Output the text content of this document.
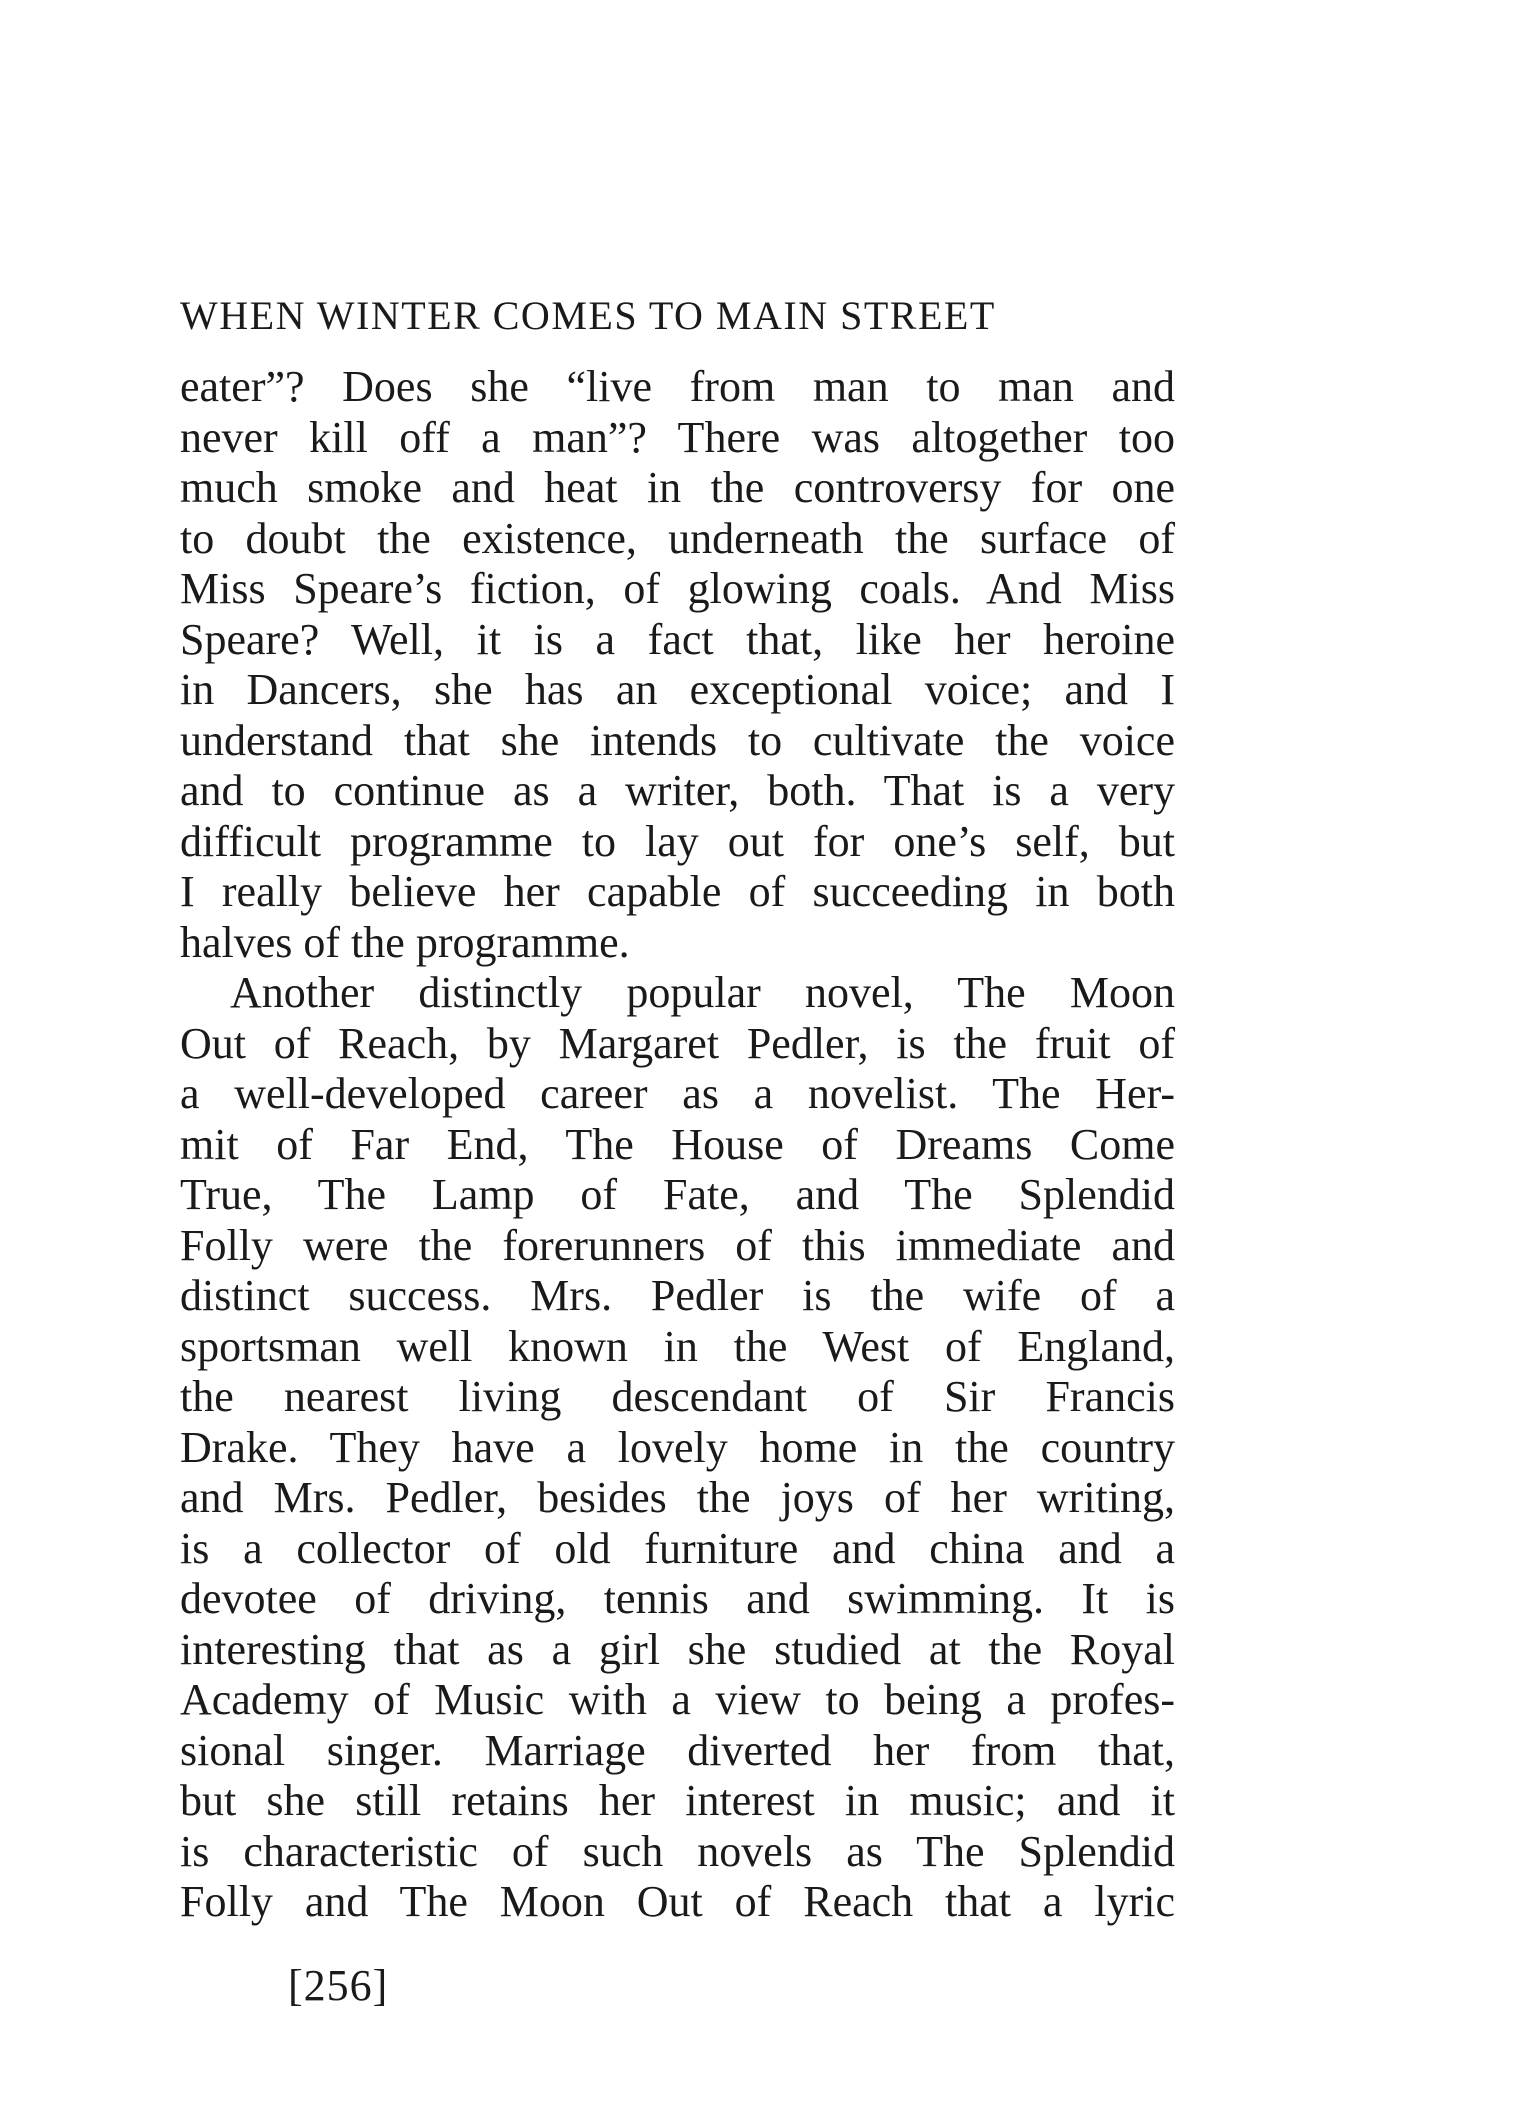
WHEN WINTER COMES TO MAIN STREET
eater”? Does she “live from man to man and
never kill off a man”? There was altogether too
much smoke and heat in the controversy for one
to doubt the existence, underneath the surface of
Miss Speare’s fiction, of glowing coals. And Miss
Speare? Well, it is a fact that, like her heroine
in Dancers, she has an exceptional voice; and I
understand that she intends to cultivate the voice
and to continue as a writer, both. That is a very
difficult programme to lay out for one’s self, but
I really believe her capable of succeeding in both
halves of the programme.
Another distinctly popular novel, The Moon
Out of Reach, by Margaret Pedler, is the fruit of
a well-developed career as a novelist. The Her-
mit of Far End, The House of Dreams Come
True, The Lamp of Fate, and The Splendid
Folly were the forerunners of this immediate and
distinct success. Mrs. Pedler is the wife of a
sportsman well known in the West of England,
the nearest living descendant of Sir Francis
Drake. They have a lovely home in the country
and Mrs. Pedler, besides the joys of her writing,
is a collector of old furniture and china and a
devotee of driving, tennis and swimming. It is
interesting that as a girl she studied at the Royal
Academy of Music with a view to being a profes-
sional singer. Marriage diverted her from that,
but she still retains her interest in music; and it
is characteristic of such novels as The Splendid
Folly and The Moon Out of Reach that a lyric
[256]
